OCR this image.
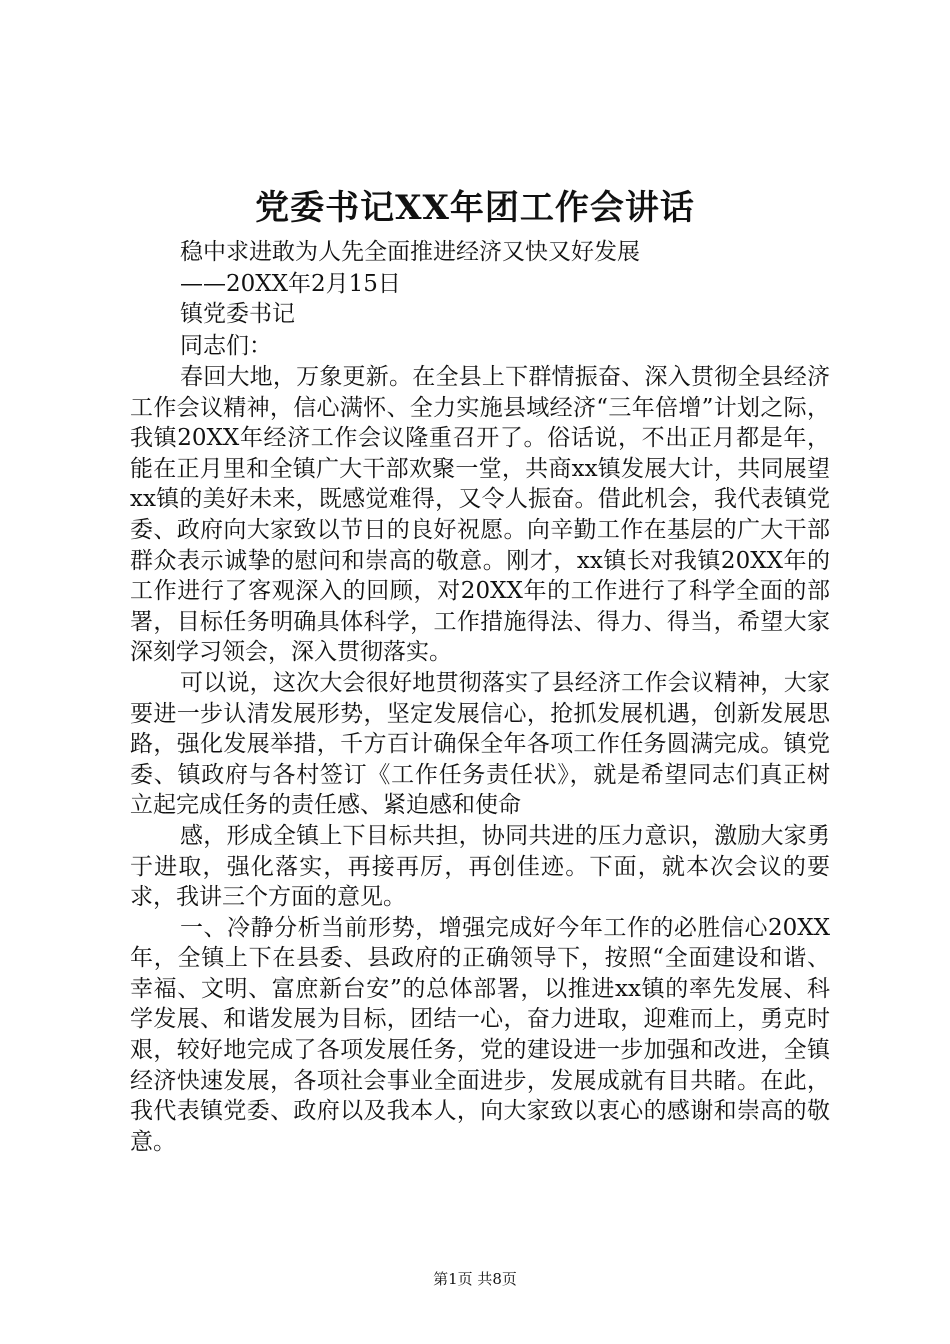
党委书记XX年团工作会讲话
稳中求进敢为人先全面推进经济又快又好发展
——20XX年2月15日
镇党委书记
同志们：

春回大地，万象更新。在全县上下群情振奋、深入贯彻全县经济工作会议精神，信心满怀、全力实施县域经济“三年倍增”计划之际，我镇20XX年经济工作会议隆重召开了。俗话说，不出正月都是年，能在正月里和全镇广大干部欢聚一堂，共商xx镇发展大计，共同展望xx镇的美好未来，既感觉难得，又令人振奋。借此机会，我代表镇党委、政府向大家致以节日的良好祝愿。向辛勤工作在基层的广大干部群众表示诚挚的慰问和崇高的敬意。刚才，xx镇长对我镇20XX年的工作进行了客观深入的回顾，对20XX年的工作进行了科学全面的部署，目标任务明确具体科学，工作措施得法、得力、得当，希望大家深刻学习领会，深入贯彻落实。

可以说，这次大会很好地贯彻落实了县经济工作会议精神，大家要进一步认清发展形势，坚定发展信心，抢抓发展机遇，创新发展思路，强化发展举措，千方百计确保全年各项工作任务圆满完成。镇党委、镇政府与各村签订《工作任务责任状》，就是希望同志们真正树立起完成任务的责任感、紧迫感和使命

感，形成全镇上下目标共担，协同共进的压力意识，激励大家勇于进取，强化落实，再接再厉，再创佳迹。下面，就本次会议的要求，我讲三个方面的意见。

一、冷静分析当前形势，增强完成好今年工作的必胜信心20XX年，全镇上下在县委、县政府的正确领导下，按照“全面建设和谐、幸福、文明、富庶新台安”的总体部署，以推进xx镇的率先发展、科学发展、和谐发展为目标，团结一心，奋力进取，迎难而上，勇克时艰，较好地完成了各项发展任务，党的建设进一步加强和改进，全镇经济快速发展，各项社会事业全面进步，发展成就有目共睹。在此，我代表镇党委、政府以及我本人，向大家致以衷心的感谢和崇高的敬意。

第1页 共8页
